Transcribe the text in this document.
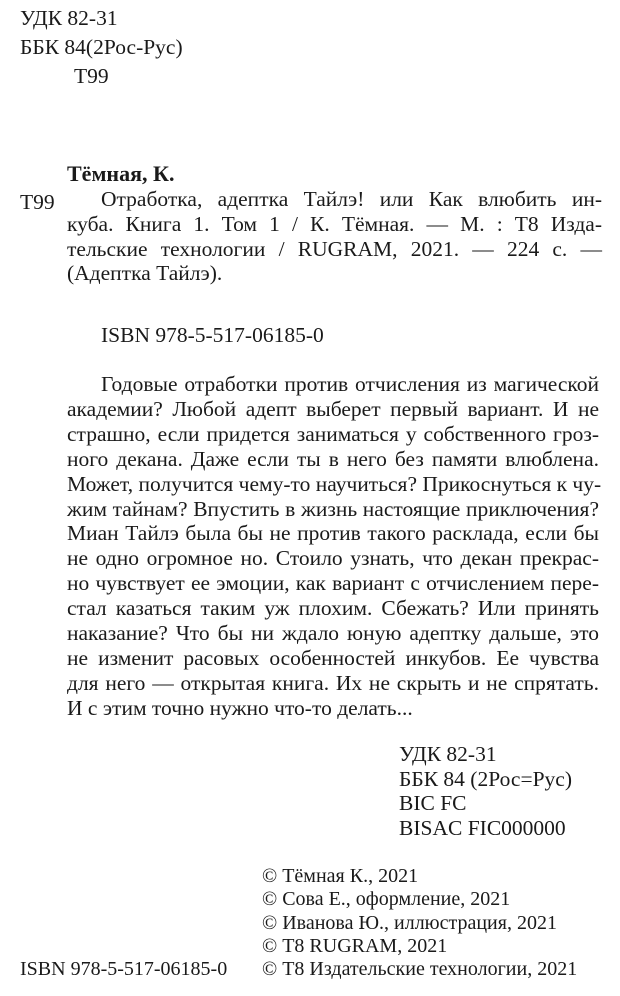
УДК 82-31
ББК 84(2Рос-Рус)
Т99
Тёмная, К.
Т99	Отработка, адептка Тайлэ! или Как влюбить ин-
куба. Книга 1. Том 1 / К. Тёмная. — М. : Т8 Изда-
тельские технологии / RUGRAM, 2021. — 224 с. —
(Адептка Тайлэ).
ISBN 978-5-517-06185-0
Годовые отработки против отчисления из магической
академии? Любой адепт выберет первый вариант. И не
страшно, если придется заниматься у собственного гроз-
ного декана. Даже если ты в него без памяти влюблена.
Может, получится чему-то научиться? Прикоснуться к чу-
жим тайнам? Впустить в жизнь настоящие приключения?
Миан Тайлэ была бы не против такого расклада, если бы
не одно огромное но. Стоило узнать, что декан прекрас-
но чувствует ее эмоции, как вариант с отчислением пере-
стал казаться таким уж плохим. Сбежать? Или принять
наказание? Что бы ни ждало юную адептку дальше, это
не изменит расовых особенностей инкубов. Ее чувства
для него — открытая книга. Их не скрыть и не спрятать.
И с этим точно нужно что-то делать...
УДК 82-31
ББК 84 (2Рос=Рус)
BIC FC
BISAC FIC000000
© Тёмная К., 2021
© Сова Е., оформление, 2021
© Иванова Ю., иллюстрация, 2021
© Т8 RUGRAM, 2021
© Т8 Издательские технологии, 2021
ISBN 978-5-517-06185-0
